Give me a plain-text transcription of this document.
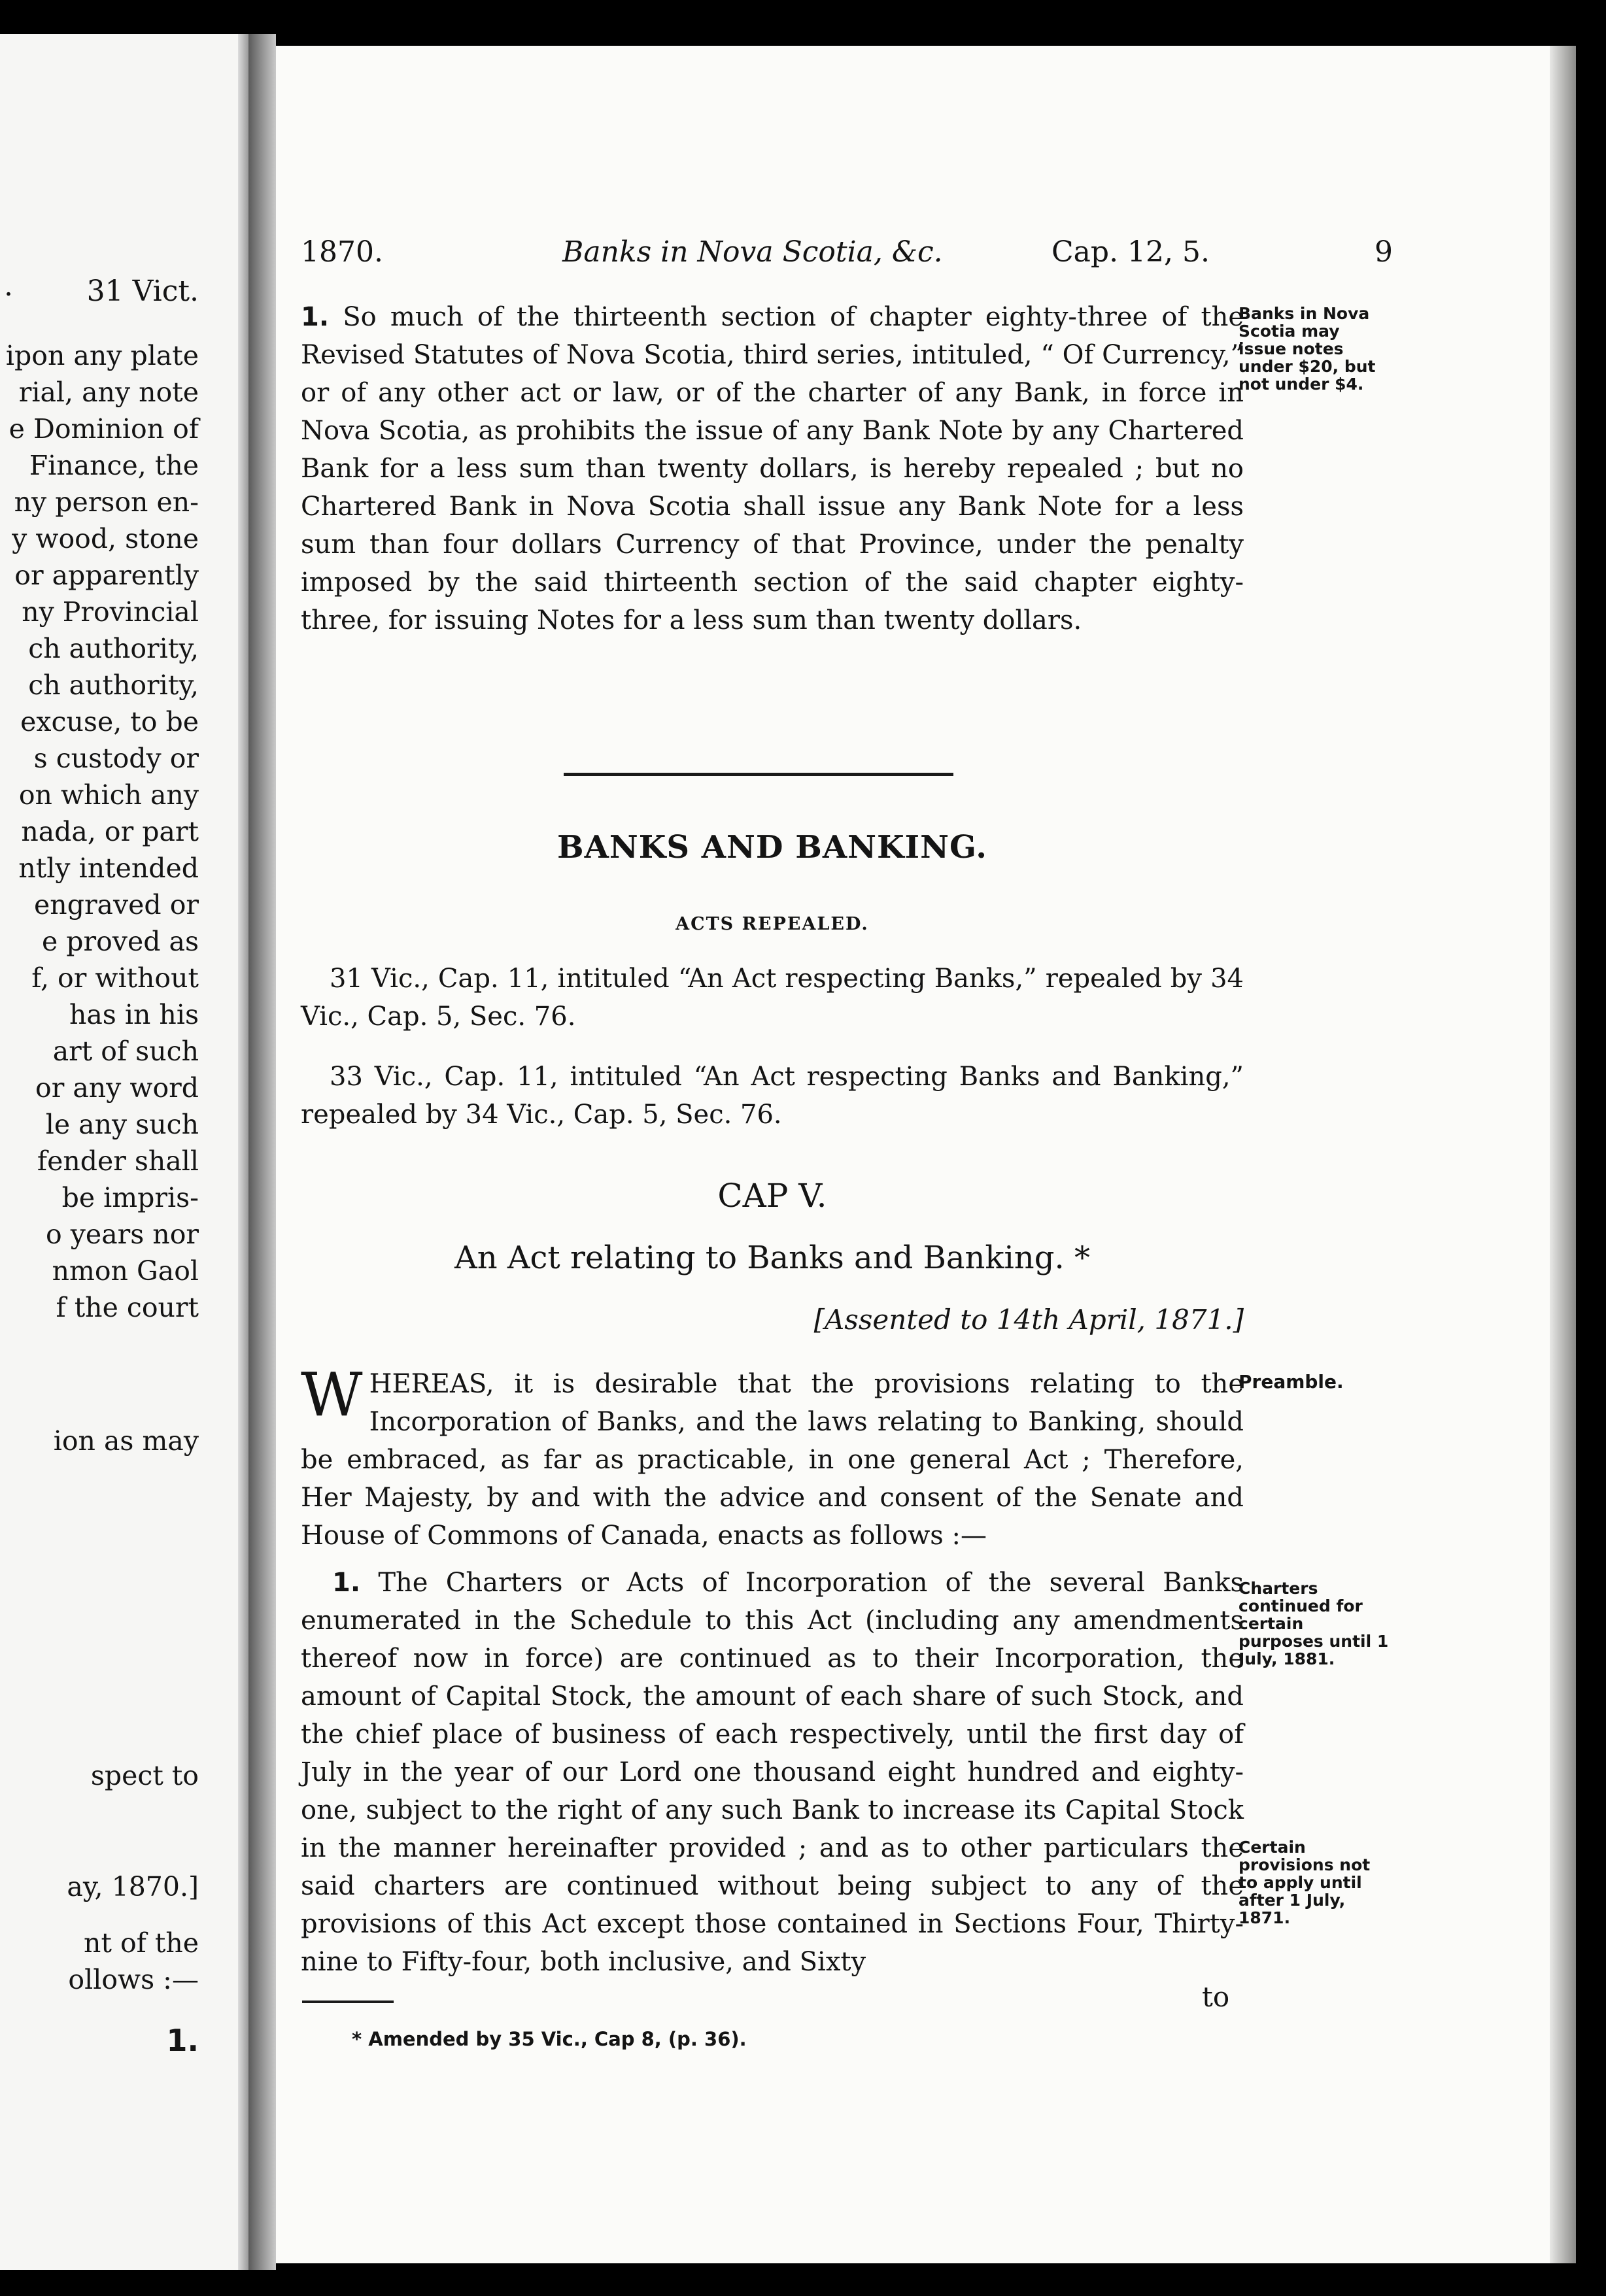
.	31 Vict.
ipon any plate
rial, any note
e Dominion of
Finance, the
ny person en-
y wood, stone
or apparently
ny Provincial
ch authority,
ch authority,
excuse, to be
s custody or
on which any
nada, or part
ntly intended
engraved or
e proved as
f, or without
has in his
art of such
or any word
le any such
fender shall
be impris-
o years nor
nmon Gaol
f the court
ion as may
spect to
ay, 1870.]
nt of the
ollows :—
1.
1870.	Banks in Nova Scotia, &c.	Cap. 12, 5.	9
1. So much of the thirteenth section of chapter eighty-three of the Revised Statutes of Nova Scotia, third series, intituled, “ Of Currency,” or of any other act or law, or of the charter of any Bank, in force in Nova Scotia, as prohibits the issue of any Bank Note by any Chartered Bank for a less sum than twenty dollars, is hereby repealed ; but no Chartered Bank in Nova Scotia shall issue any Bank Note for a less sum than four dollars Currency of that Province, under the penalty imposed by the said thirteenth section of the said chapter eighty-three, for issuing Notes for a less sum than twenty dollars.
Banks in Nova Scotia may issue notes under $20, but not under $4.
BANKS AND BANKING.
ACTS REPEALED.
31 Vic., Cap. 11, intituled “An Act respecting Banks,” repealed by 34 Vic., Cap. 5, Sec. 76.
33 Vic., Cap. 11, intituled “An Act respecting Banks and Banking,” repealed by 34 Vic., Cap. 5, Sec. 76.
CAP V.
An Act relating to Banks and Banking. *
[Assented to 14th April, 1871.]
W HEREAS, it is desirable that the provisions relating to the Incorporation of Banks, and the laws relating to Banking, should be embraced, as far as practicable, in one general Act ; Therefore, Her Majesty, by and with the advice and consent of the Senate and House of Commons of Canada, enacts as follows :—
Preamble.
1. The Charters or Acts of Incorporation of the several Banks enumerated in the Schedule to this Act (including any amendments thereof now in force) are continued as to their Incorporation, the amount of Capital Stock, the amount of each share of such Stock, and the chief place of business of each respectively, until the first day of July in the year of our Lord one thousand eight hundred and eighty-one, subject to the right of any such Bank to increase its Capital Stock in the manner hereinafter provided ; and as to other particulars the said charters are continued without being subject to any of the provisions of this Act except those contained in Sections Four, Thirty-nine to Fifty-four, both inclusive, and Sixty
Charters continued for certain purposes until 1 July, 1881.
Certain provisions not to apply until after 1 July, 1871.
to
* Amended by 35 Vic., Cap 8, (p. 36).
